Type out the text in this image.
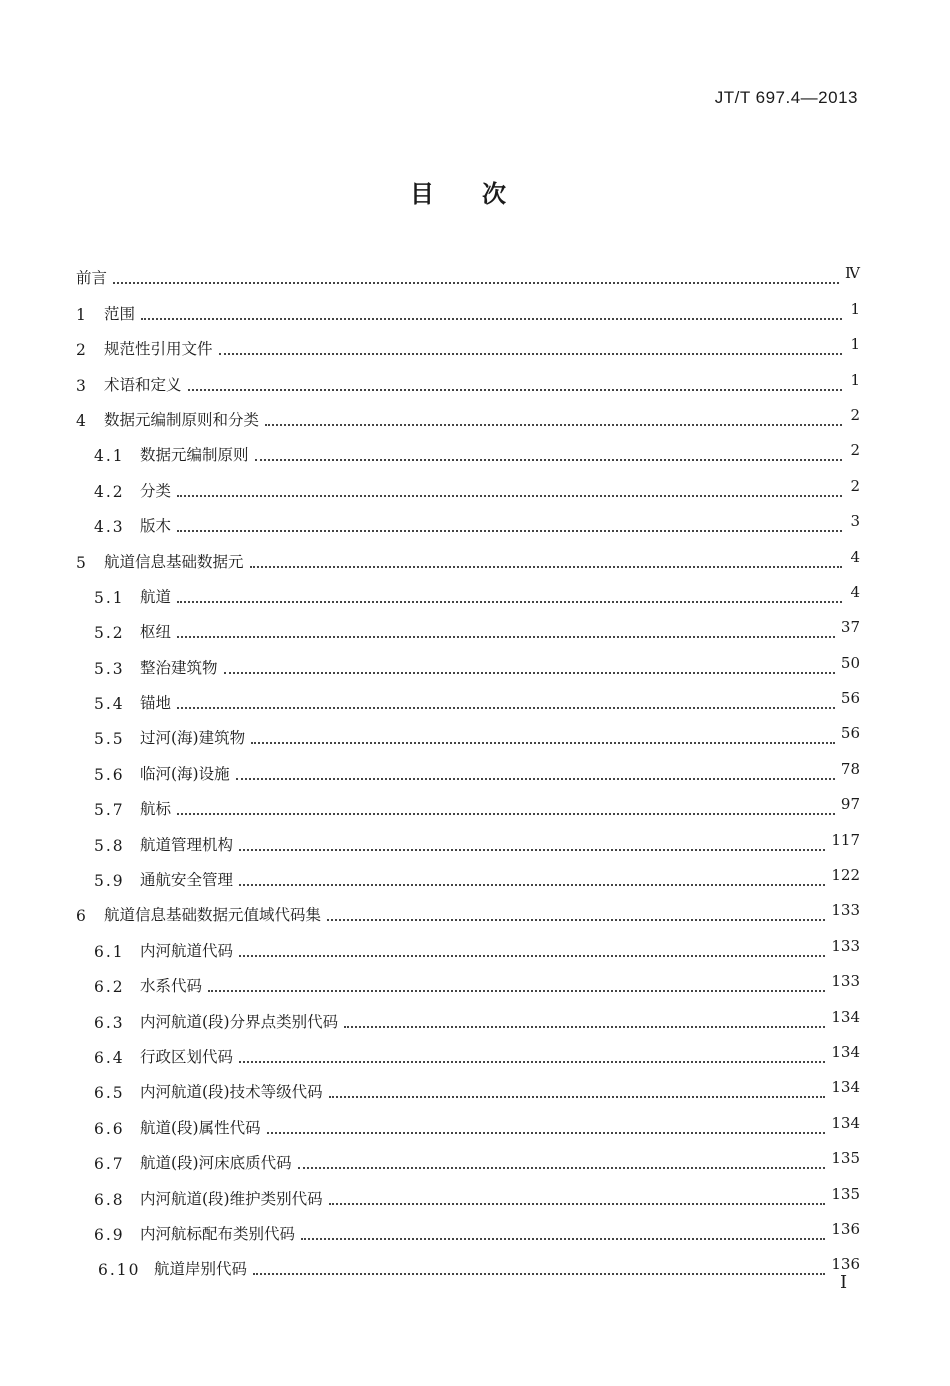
JT/T 697.4—2013
目次
前言	Ⅳ
1	范围	1
2	规范性引用文件	1
3	术语和定义	1
4	数据元编制原则和分类	2
4.1 数据元编制原则	2
4.2 分类	2
4.3 版木	3
5	航道信息基础数据元	4
5.1 航道	4
5.2 枢纽	37
5.3 整治建筑物	50
5.4 锚地	56
5.5 过河(海)建筑物	56
5.6 临河(海)设施	78
5.7 航标	97
5.8 航道管理机构	117
5.9 通航安全管理	122
6	航道信息基础数据元值域代码集	133
6.1 内河航道代码	133
6.2 水系代码	133
6.3 内河航道(段)分界点类别代码	134
6.4 行政区划代码	134
6.5 内河航道(段)技术等级代码	134
6.6 航道(段)属性代码	134
6.7 航道(段)河床底质代码	135
6.8 内河航道(段)维护类别代码	135
6.9 内河航标配布类别代码	136
6.10 航道岸别代码	136
I
